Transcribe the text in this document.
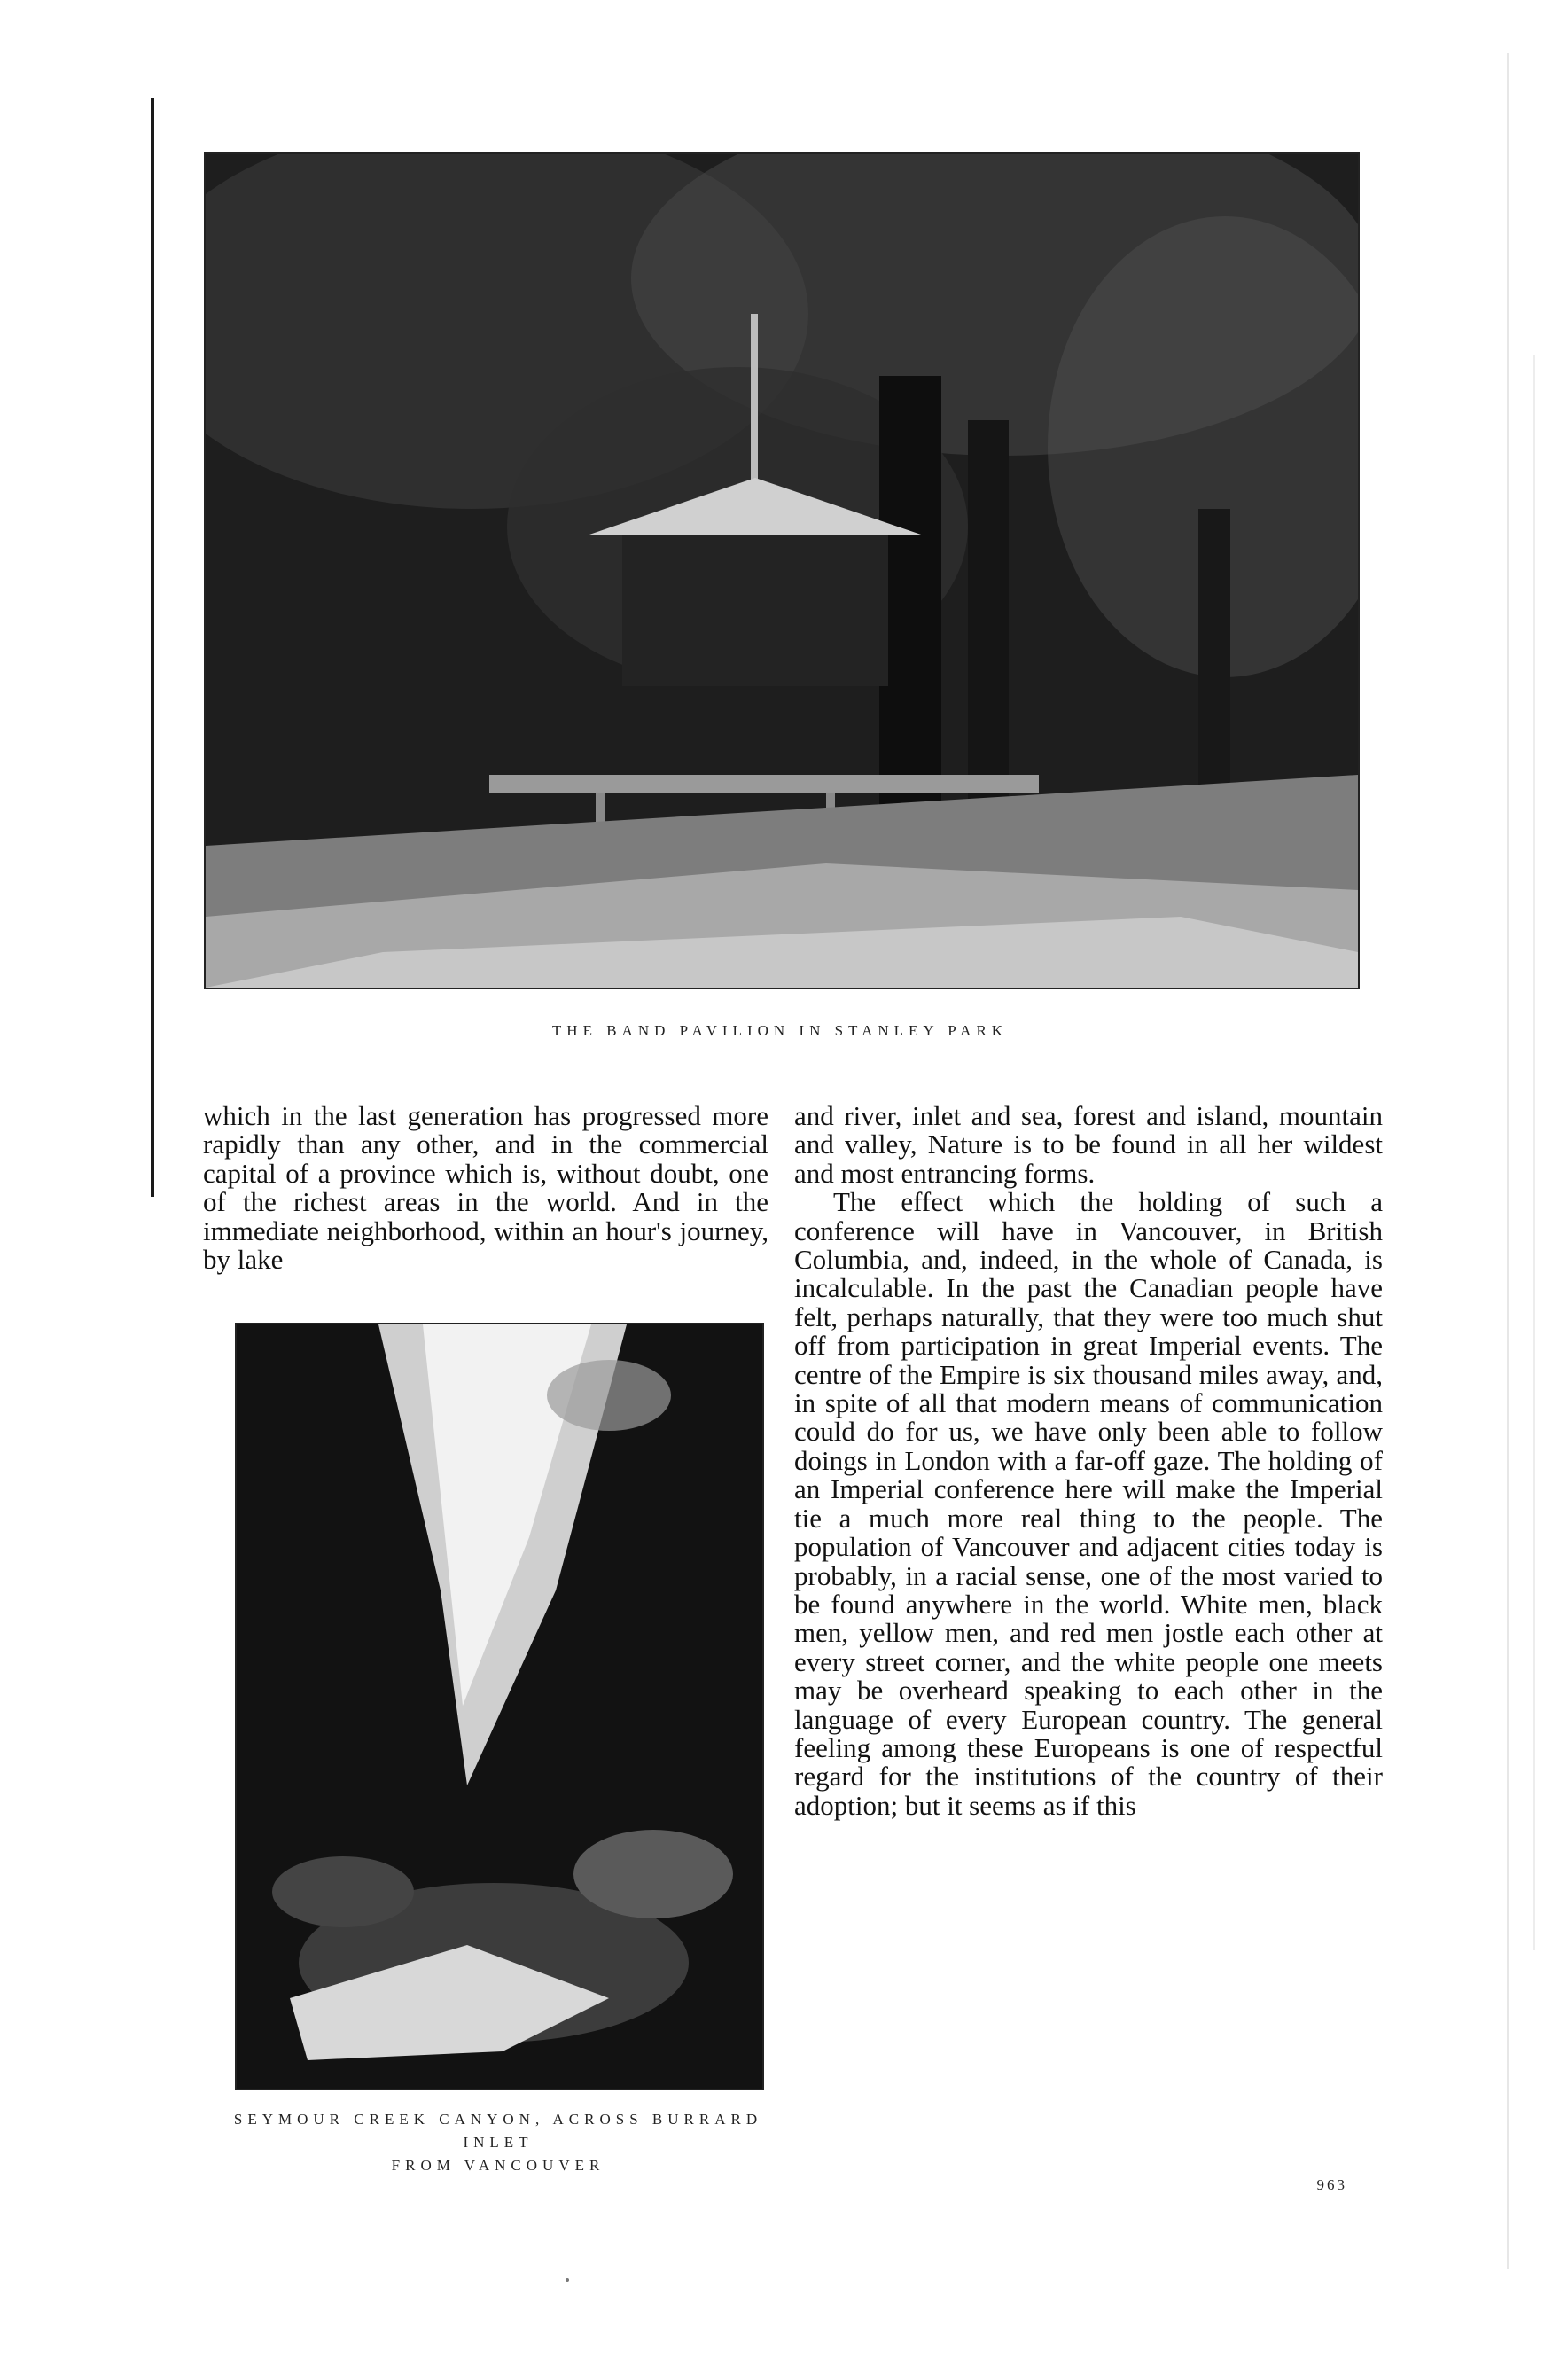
THE BAND PAVILION IN STANLEY PARK

which in the last generation has progressed more rapidly than any other, and in the commercial capital of a province which is, without doubt, one of the richest areas in the world. And in the immediate neighborhood, within an hour's journey, by lake

SEYMOUR CREEK CANYON, ACROSS BURRARD INLET
FROM VANCOUVER

and river, inlet and sea, forest and island, mountain and valley, Nature is to be found in all her wildest and most entrancing forms.

The effect which the holding of such a conference will have in Vancouver, in British Columbia, and, indeed, in the whole of Canada, is incalculable. In the past the Canadian people have felt, perhaps naturally, that they were too much shut off from participation in great Imperial events. The centre of the Empire is six thousand miles away, and, in spite of all that modern means of communication could do for us, we have only been able to follow doings in London with a far-off gaze. The holding of an Imperial conference here will make the Imperial tie a much more real thing to the people. The population of Vancouver and adjacent cities today is probably, in a racial sense, one of the most varied to be found anywhere in the world. White men, black men, yellow men, and red men jostle each other at every street corner, and the white people one meets may be overheard speaking to each other in the language of every European country. The general feeling among these Europeans is one of respectful regard for the institutions of the country of their adoption; but it seems as if this

963
